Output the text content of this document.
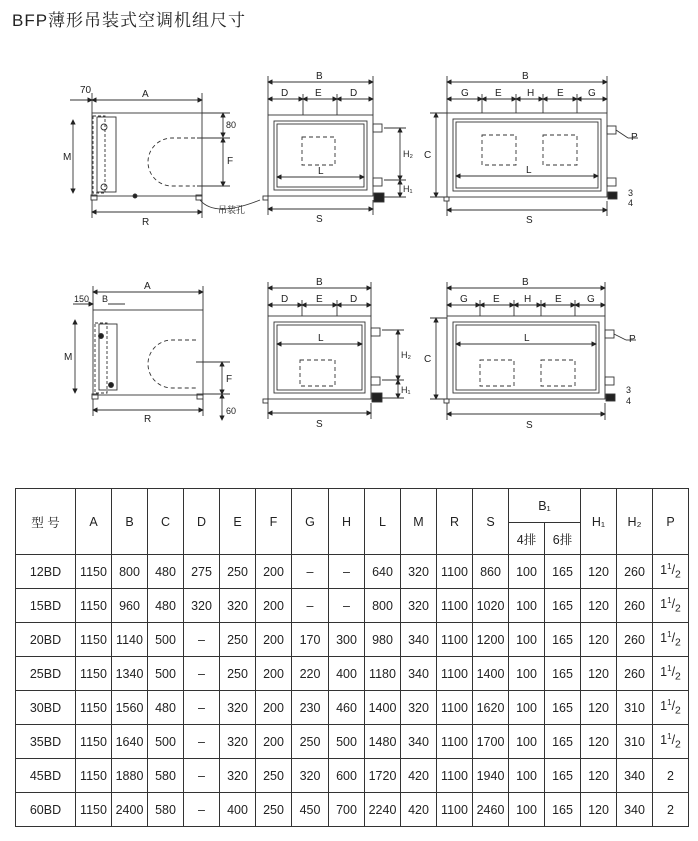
BFP薄形吊装式空调机组尺寸
70	A
R
M
80
F
吊装孔
B
D	E	D
L
S
H₂
H₁
B
G	E	H E G
L
S
C
P
3
4
150
A
B
R
M
F
60
B
D	E	D
L
S
H₂
H₁
B
G	E H E	G
L
S
C
P
3
4
型 号	A	B	C	D	E	F	G	H	L	M	R	S	B₁		H₁	H₂	P
													4排	6排			
12BD	1150	800	480	275	250	200	–	–	640	320	1100	860	100	165	120	260	$1^1/_2$
15BD	1150	960	480	320	320	200	–	–	800	320	1100	1020	100	165	120	260	$1^1/_2$
20BD	1150	1140	500	–	250	200	170	300	980	340	1100	1200	100	165	120	260	$1^1/_2$
25BD	1150	1340	500	–	250	200	220	400	1180	340	1100	1400	100	165	120	260	$1^1/_2$
30BD	1150	1560	480	–	320	200	230	460	1400	320	1100	1620	100	165	120	310	$1^1/_2$
35BD	1150	1640	500	–	320	200	250	500	1480	340	1100	1700	100	165	120	310	$1^1/_2$
45BD	1150	1880	580	–	320	250	320	600	1720	420	1100	1940	100	165	120	340	2
60BD	1150	2400	580	–	400	250	450	700	2240	420	1100	2460	100	165	120	340	2
